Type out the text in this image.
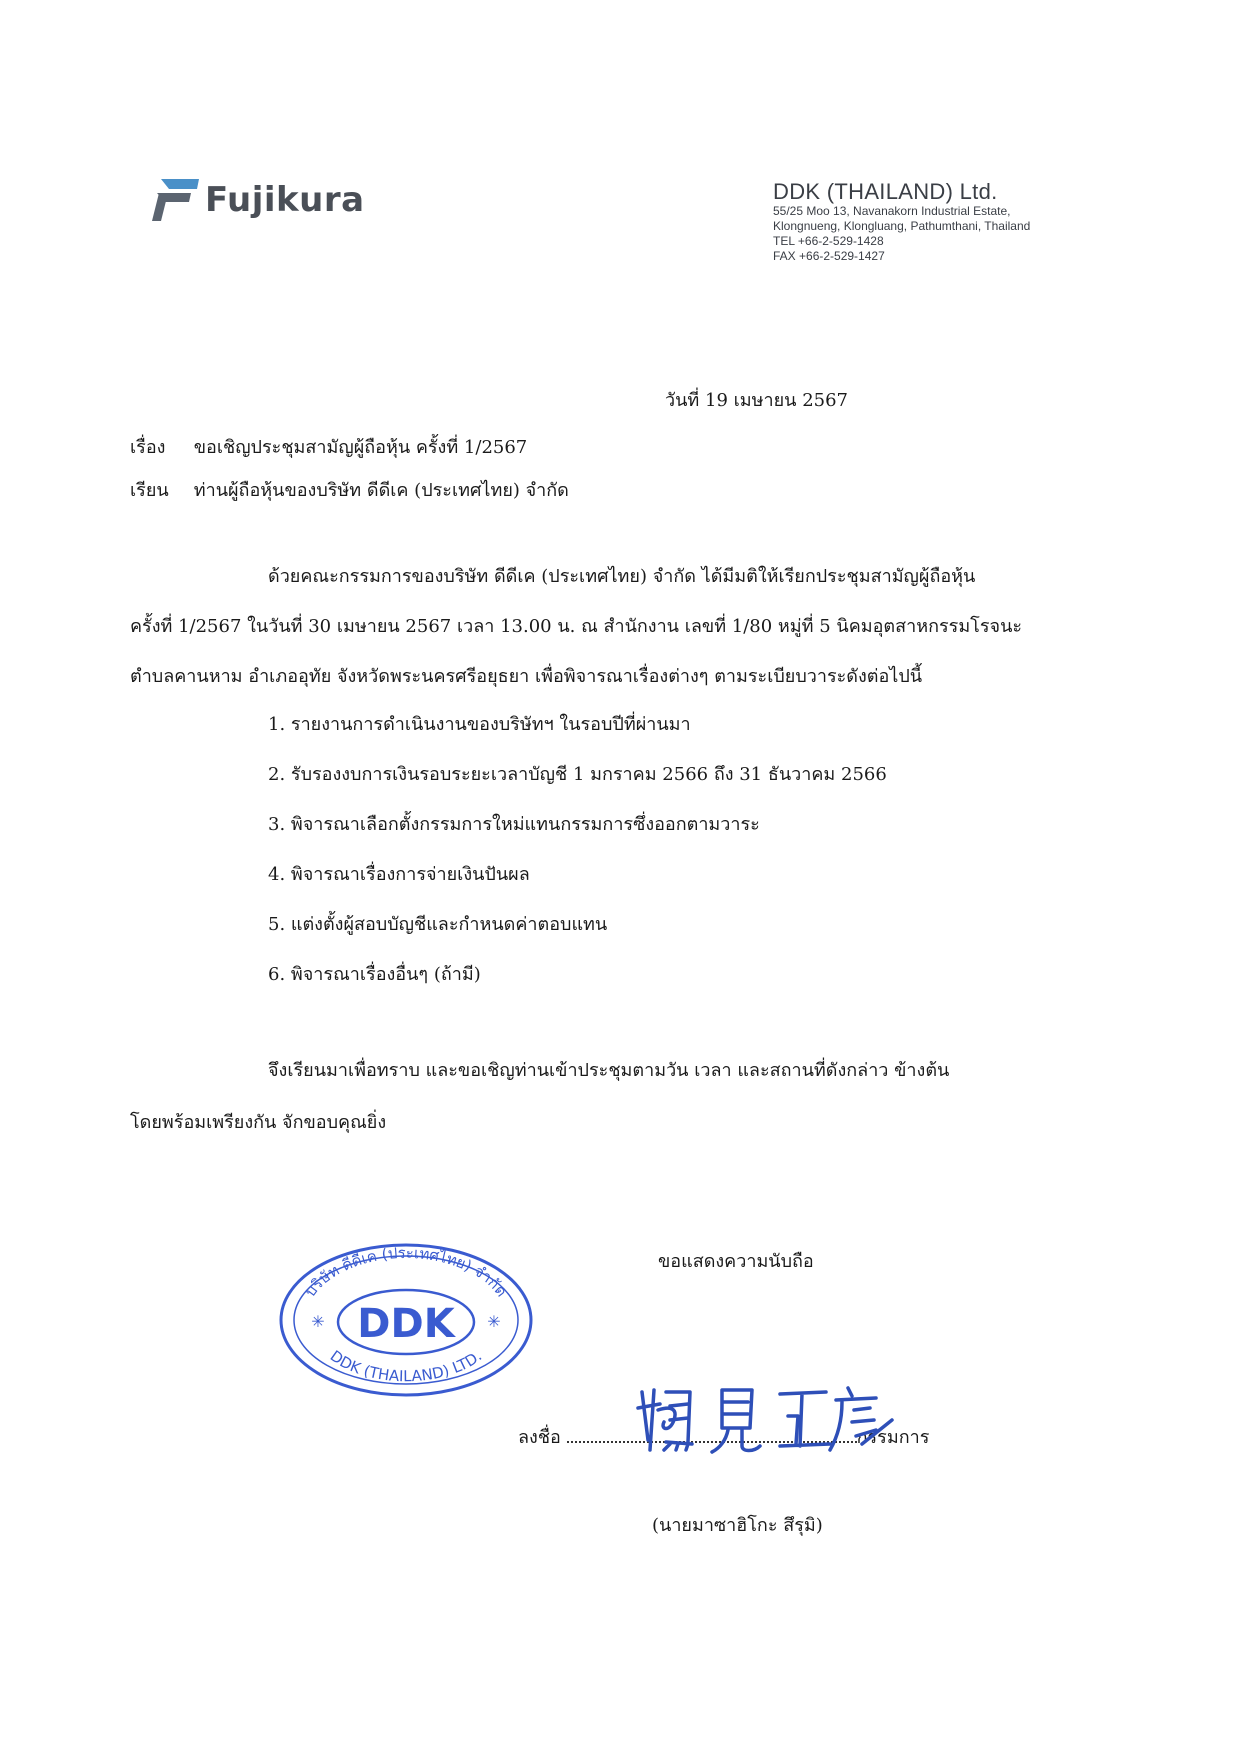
Fujikura	DDK (THAILAND) Ltd.
55/25 Moo 13, Navanakorn Industrial Estate,
Klongnueng, Klongluang, Pathumthani, Thailand
TEL +66-2-529-1428
FAX +66-2-529-1427
วันที่ 19 เมษายน 2567
เรื่อง ขอเชิญประชุมสามัญผู้ถือหุ้น ครั้งที่ 1/2567
เรียน ท่านผู้ถือหุ้นของบริษัท ดีดีเค (ประเทศไทย) จำกัด
ด้วยคณะกรรมการของบริษัท ดีดีเค (ประเทศไทย) จำกัด ได้มีมติให้เรียกประชุมสามัญผู้ถือหุ้น
ครั้งที่ 1/2567 ในวันที่ 30 เมษายน 2567 เวลา 13.00 น. ณ สำนักงาน เลขที่ 1/80 หมู่ที่ 5 นิคมอุตสาหกรรมโรจนะ
ตำบลคานหาม อำเภออุทัย จังหวัดพระนครศรีอยุธยา เพื่อพิจารณาเรื่องต่างๆ ตามระเบียบวาระดังต่อไปนี้
1. รายงานการดำเนินงานของบริษัทฯ ในรอบปีที่ผ่านมา
2. รับรองงบการเงินรอบระยะเวลาบัญชี 1 มกราคม 2566 ถึง 31 ธันวาคม 2566
3. พิจารณาเลือกตั้งกรรมการใหม่แทนกรรมการซึ่งออกตามวาระ
4. พิจารณาเรื่องการจ่ายเงินปันผล
5. แต่งตั้งผู้สอบบัญชีและกำหนดค่าตอบแทน
6. พิจารณาเรื่องอื่นๆ (ถ้ามี)
จึงเรียนมาเพื่อทราบ และขอเชิญท่านเข้าประชุมตามวัน เวลา และสถานที่ดังกล่าว ข้างต้น
โดยพร้อมเพรียงกัน จักขอบคุณยิ่ง
ขอแสดงความนับถือ
บริษัท ดีดีเค (ประเทศไทย) จำกัด
DDK
DDK (THAILAND) LTD.
✳	✳
ลงชื่อ	กรรมการ
(นายมาซาฮิโกะ สึรุมิ)
